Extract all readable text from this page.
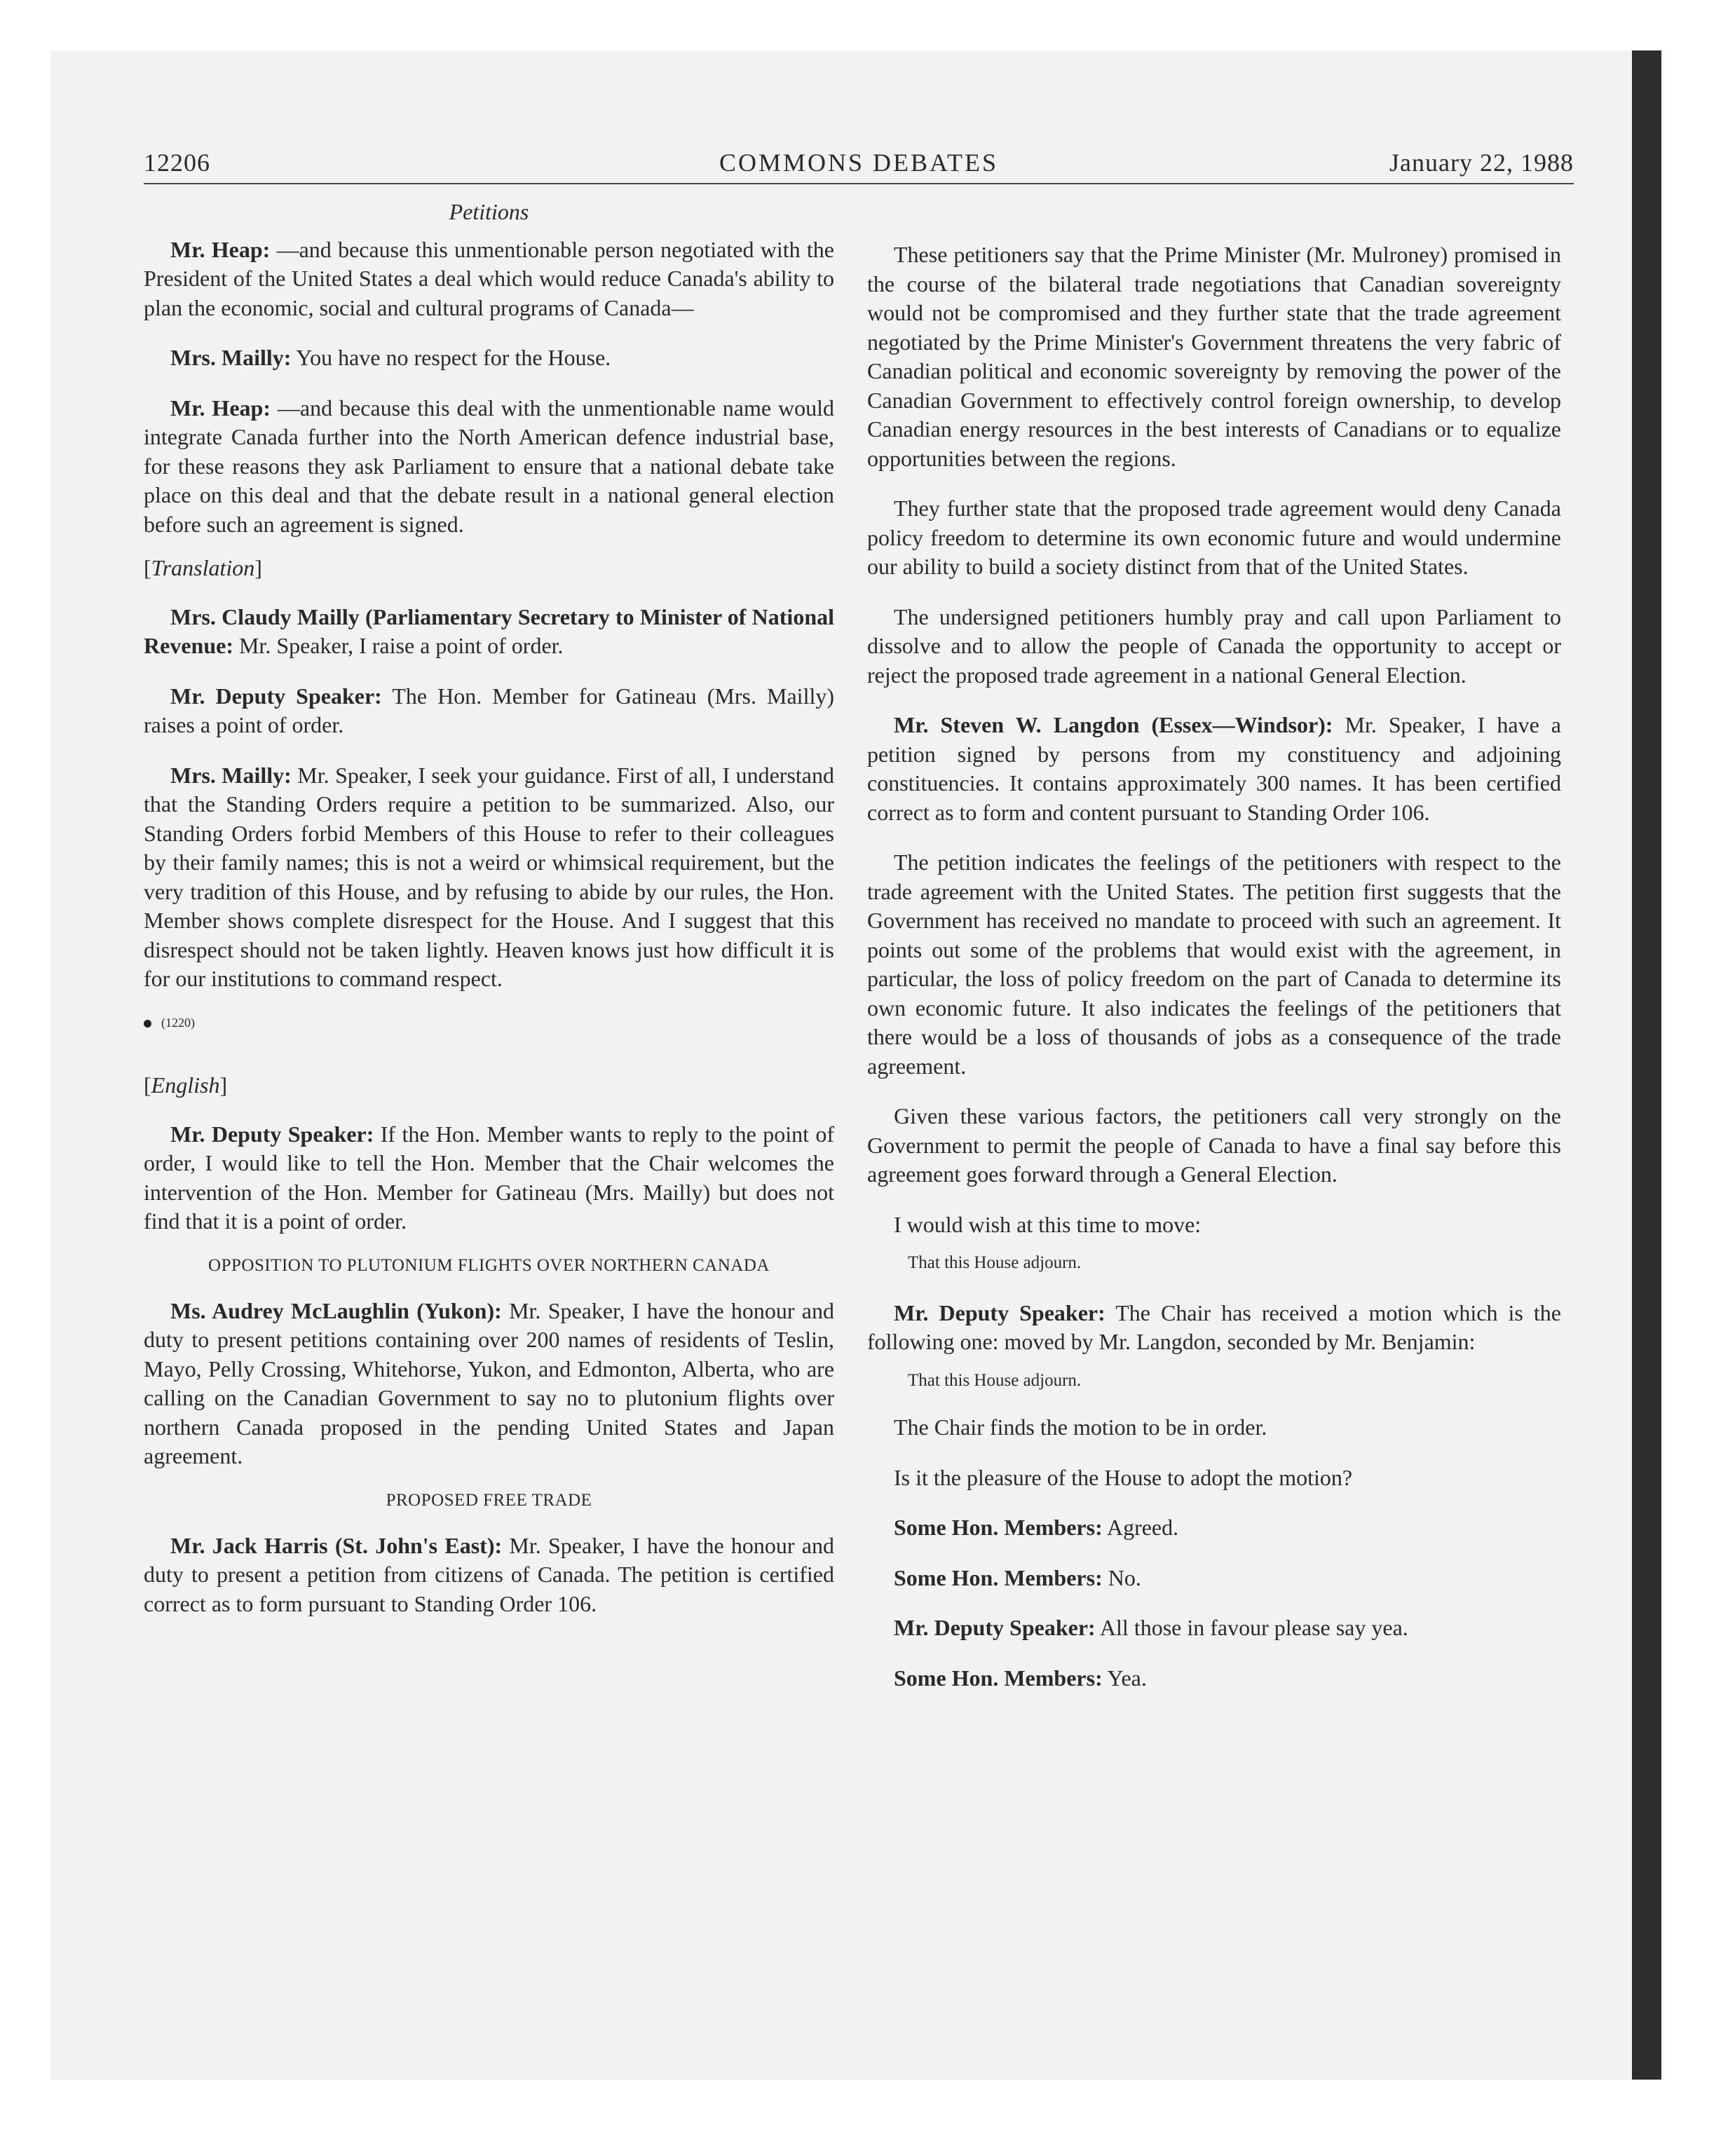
12206	COMMONS DEBATES	January 22, 1988
Petitions

Mr. Heap: —and because this unmentionable person negotiated with the President of the United States a deal which would reduce Canada's ability to plan the economic, social and cultural programs of Canada—

Mrs. Mailly: You have no respect for the House.

Mr. Heap: —and because this deal with the unmentionable name would integrate Canada further into the North American defence industrial base, for these reasons they ask Parliament to ensure that a national debate take place on this deal and that the debate result in a national general election before such an agreement is signed.

[Translation]

Mrs. Claudy Mailly (Parliamentary Secretary to Minister of National Revenue: Mr. Speaker, I raise a point of order.

Mr. Deputy Speaker: The Hon. Member for Gatineau (Mrs. Mailly) raises a point of order.

Mrs. Mailly: Mr. Speaker, I seek your guidance. First of all, I understand that the Standing Orders require a petition to be summarized. Also, our Standing Orders forbid Members of this House to refer to their colleagues by their family names; this is not a weird or whimsical requirement, but the very tradition of this House, and by refusing to abide by our rules, the Hon. Member shows complete disrespect for the House. And I suggest that this disrespect should not be taken lightly. Heaven knows just how difficult it is for our institutions to command respect.

(1220)
[English]

Mr. Deputy Speaker: If the Hon. Member wants to reply to the point of order, I would like to tell the Hon. Member that the Chair welcomes the intervention of the Hon. Member for Gatineau (Mrs. Mailly) but does not find that it is a point of order.

OPPOSITION TO PLUTONIUM FLIGHTS OVER NORTHERN CANADA

Ms. Audrey McLaughlin (Yukon): Mr. Speaker, I have the honour and duty to present petitions containing over 200 names of residents of Teslin, Mayo, Pelly Crossing, Whitehorse, Yukon, and Edmonton, Alberta, who are calling on the Canadian Government to say no to plutonium flights over northern Canada proposed in the pending United States and Japan agreement.

PROPOSED FREE TRADE

Mr. Jack Harris (St. John's East): Mr. Speaker, I have the honour and duty to present a petition from citizens of Canada. The petition is certified correct as to form pursuant to Standing Order 106.

These petitioners say that the Prime Minister (Mr. Mulroney) promised in the course of the bilateral trade negotiations that Canadian sovereignty would not be compromised and they further state that the trade agreement negotiated by the Prime Minister's Government threatens the very fabric of Canadian political and economic sovereignty by removing the power of the Canadian Government to effectively control foreign ownership, to develop Canadian energy resources in the best interests of Canadians or to equalize opportunities between the regions.

They further state that the proposed trade agreement would deny Canada policy freedom to determine its own economic future and would undermine our ability to build a society distinct from that of the United States.

The undersigned petitioners humbly pray and call upon Parliament to dissolve and to allow the people of Canada the opportunity to accept or reject the proposed trade agreement in a national General Election.

Mr. Steven W. Langdon (Essex—Windsor): Mr. Speaker, I have a petition signed by persons from my constituency and adjoining constituencies. It contains approximately 300 names. It has been certified correct as to form and content pursuant to Standing Order 106.

The petition indicates the feelings of the petitioners with respect to the trade agreement with the United States. The petition first suggests that the Government has received no mandate to proceed with such an agreement. It points out some of the problems that would exist with the agreement, in particular, the loss of policy freedom on the part of Canada to determine its own economic future. It also indicates the feelings of the petitioners that there would be a loss of thousands of jobs as a consequence of the trade agreement.

Given these various factors, the petitioners call very strongly on the Government to permit the people of Canada to have a final say before this agreement goes forward through a General Election.

I would wish at this time to move:

That this House adjourn.

Mr. Deputy Speaker: The Chair has received a motion which is the following one: moved by Mr. Langdon, seconded by Mr. Benjamin:

That this House adjourn.

The Chair finds the motion to be in order.

Is it the pleasure of the House to adopt the motion?

Some Hon. Members: Agreed.

Some Hon. Members: No.

Mr. Deputy Speaker: All those in favour please say yea.

Some Hon. Members: Yea.
